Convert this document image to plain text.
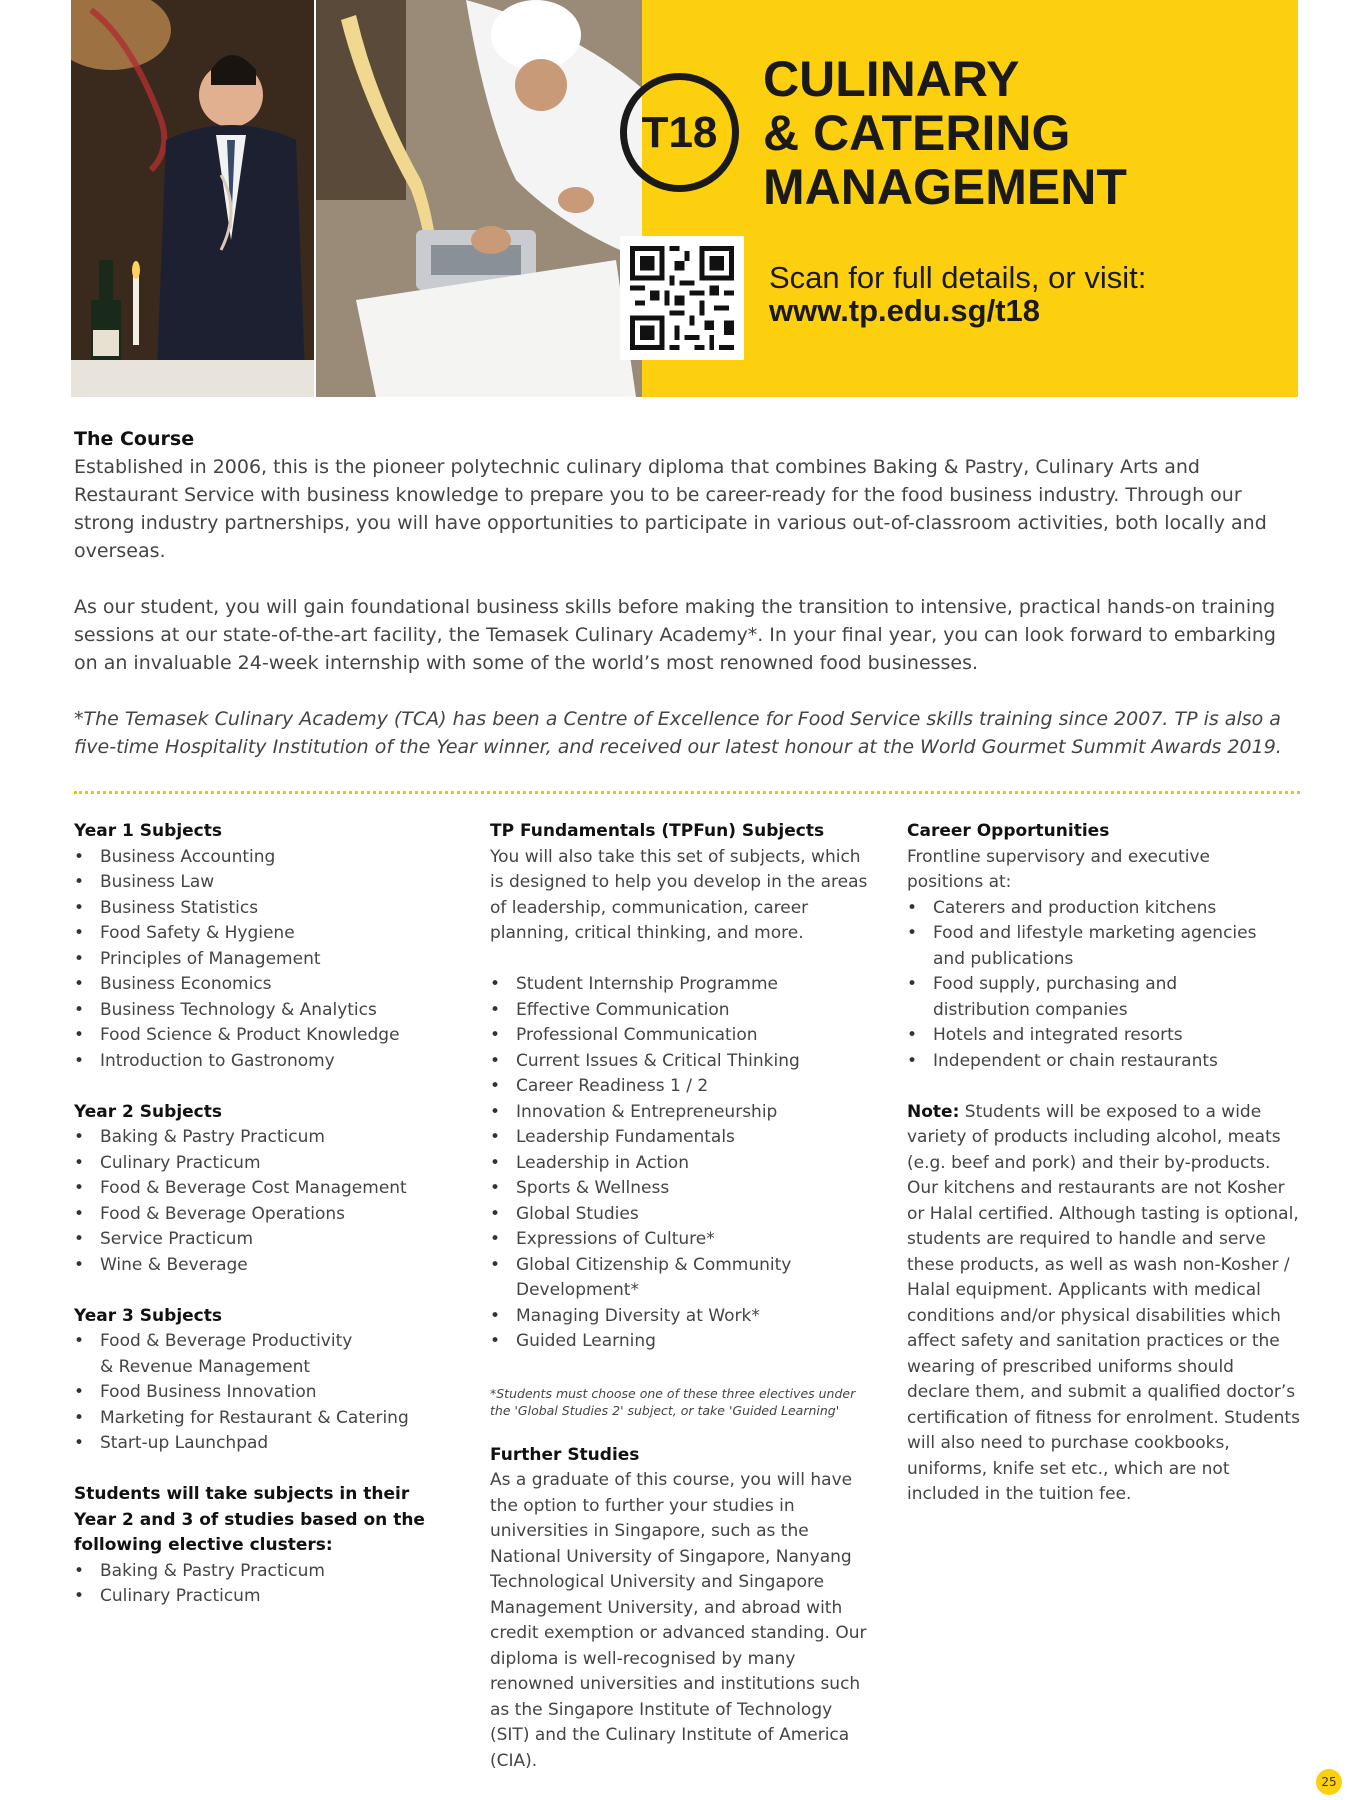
T18
CULINARY
& CATERING
MANAGEMENT
Scan for full details, or visit:
www.tp.edu.sg/t18
The Course

Established in 2006, this is the pioneer polytechnic culinary diploma that combines Baking & Pastry, Culinary Arts and Restaurant Service with business knowledge to prepare you to be career-ready for the food business industry. Through our strong industry partnerships, you will have opportunities to participate in various out-of-classroom activities, both locally and overseas.

As our student, you will gain foundational business skills before making the transition to intensive, practical hands-on training sessions at our state-of-the-art facility, the Temasek Culinary Academy*. In your final year, you can look forward to embarking on an invaluable 24-week internship with some of the world’s most renowned food businesses.

*The Temasek Culinary Academy (TCA) has been a Centre of Excellence for Food Service skills training since 2007. TP is also a five-time Hospitality Institution of the Year winner, and received our latest honour at the World Gourmet Summit Awards 2019.

Year 1 Subjects
• Business Accounting
• Business Law
• Business Statistics
• Food Safety & Hygiene
• Principles of Management
• Business Economics
• Business Technology & Analytics
• Food Science & Product Knowledge
• Introduction to Gastronomy
Year 2 Subjects
• Baking & Pastry Practicum
• Culinary Practicum
• Food & Beverage Cost Management
• Food & Beverage Operations
• Service Practicum
• Wine & Beverage
Year 3 Subjects
• Food & Beverage Productivity & Revenue Management
• Food Business Innovation
• Marketing for Restaurant & Catering
• Start-up Launchpad
Students will take subjects in their Year 2 and 3 of studies based on the following elective clusters:
• Baking & Pastry Practicum
• Culinary Practicum
TP Fundamentals (TPFun) Subjects

You will also take this set of subjects, which is designed to help you develop in the areas of leadership, communication, career planning, critical thinking, and more.

• Student Internship Programme
• Effective Communication
• Professional Communication
• Current Issues & Critical Thinking
• Career Readiness 1 / 2
• Innovation & Entrepreneurship
• Leadership Fundamentals
• Leadership in Action
• Sports & Wellness
• Global Studies
• Expressions of Culture*
• Global Citizenship & Community Development*
• Managing Diversity at Work*
• Guided Learning

*Students must choose one of these three electives under the 'Global Studies 2' subject, or take 'Guided Learning'

Further Studies

As a graduate of this course, you will have the option to further your studies in universities in Singapore, such as the National University of Singapore, Nanyang Technological University and Singapore Management University, and abroad with credit exemption or advanced standing. Our diploma is well-recognised by many renowned universities and institutions such as the Singapore Institute of Technology (SIT) and the Culinary Institute of America (CIA).

Career Opportunities

Frontline supervisory and executive positions at:

• Caterers and production kitchens
• Food and lifestyle marketing agencies and publications
• Food supply, purchasing and distribution companies
• Hotels and integrated resorts
• Independent or chain restaurants

Note: Students will be exposed to a wide variety of products including alcohol, meats (e.g. beef and pork) and their by-products. Our kitchens and restaurants are not Kosher or Halal certified. Although tasting is optional, students are required to handle and serve these products, as well as wash non-Kosher / Halal equipment. Applicants with medical conditions and/or physical disabilities which affect safety and sanitation practices or the wearing of prescribed uniforms should declare them, and submit a qualified doctor’s certification of fitness for enrolment. Students will also need to purchase cookbooks, uniforms, knife set etc., which are not included in the tuition fee.

25
